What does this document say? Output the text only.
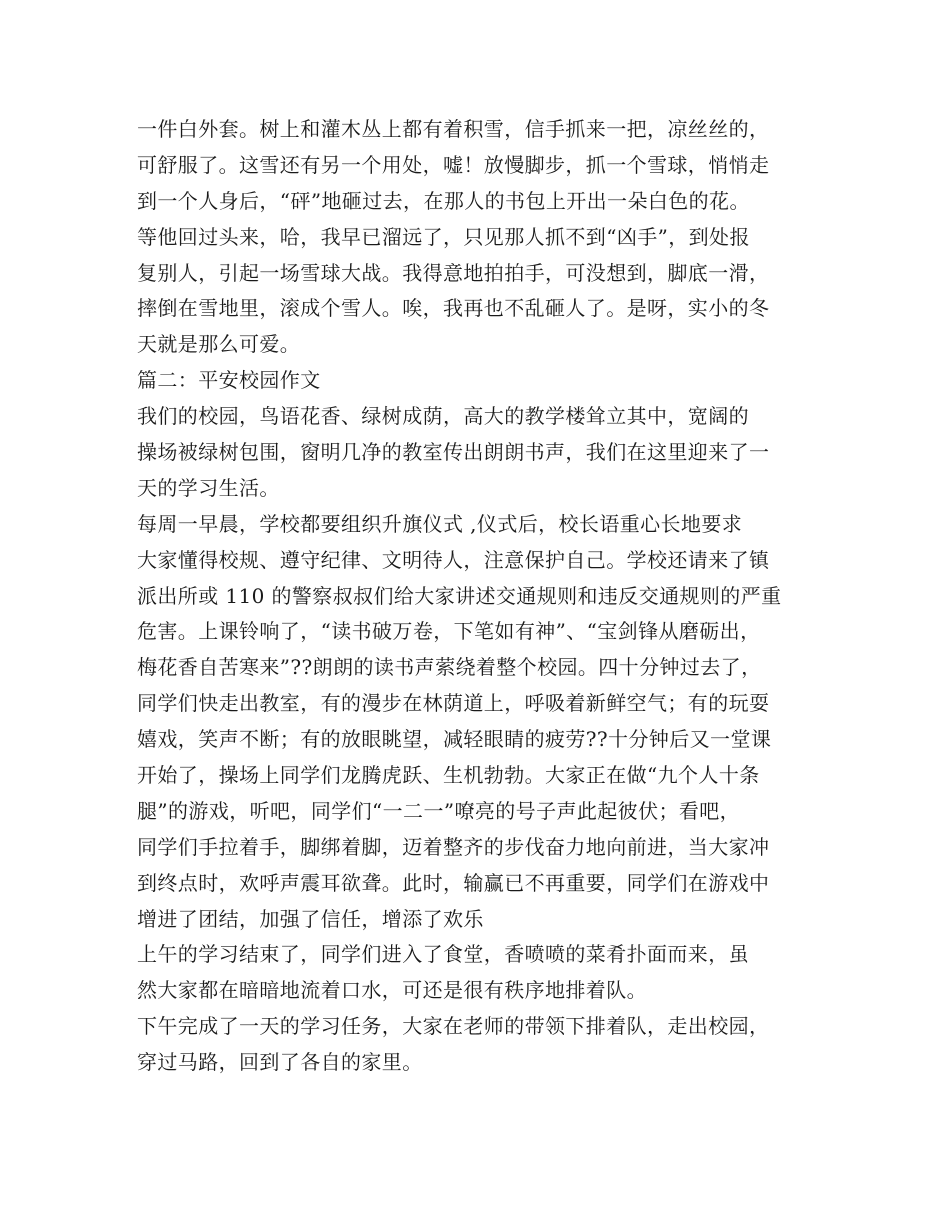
一件白外套。树上和灌木丛上都有着积雪，信手抓来一把，凉丝丝的，
可舒服了。这雪还有另一个用处，嘘！放慢脚步，抓一个雪球，悄悄走
到一个人身后，“砰”地砸过去，在那人的书包上开出一朵白色的花。
等他回过头来，哈，我早已溜远了，只见那人抓不到“凶手”，到处报
复别人，引起一场雪球大战。我得意地拍拍手，可没想到，脚底一滑，
摔倒在雪地里，滚成个雪人。唉，我再也不乱砸人了。是呀，实小的冬
天就是那么可爱。
篇二：平安校园作文
我们的校园，鸟语花香、绿树成荫，高大的教学楼耸立其中，宽阔的
操场被绿树包围，窗明几净的教室传出朗朗书声，我们在这里迎来了一
天的学习生活。
每周一早晨，学校都要组织升旗仪式 ,仪式后，校长语重心长地要求
大家懂得校规、遵守纪律、文明待人，注意保护自己。学校还请来了镇
派出所或 110 的警察叔叔们给大家讲述交通规则和违反交通规则的严重
危害。上课铃响了，“读书破万卷，下笔如有神”、“宝剑锋从磨砺出，
梅花香自苦寒来”??朗朗的读书声萦绕着整个校园。四十分钟过去了，
同学们快走出教室，有的漫步在林荫道上，呼吸着新鲜空气；有的玩耍
嬉戏，笑声不断；有的放眼眺望，减轻眼睛的疲劳??十分钟后又一堂课
开始了，操场上同学们龙腾虎跃、生机勃勃。大家正在做“九个人十条
腿”的游戏，听吧，同学们“一二一”嘹亮的号子声此起彼伏；看吧，
同学们手拉着手，脚绑着脚，迈着整齐的步伐奋力地向前进，当大家冲
到终点时，欢呼声震耳欲聋。此时，输赢已不再重要，同学们在游戏中
增进了团结，加强了信任，增添了欢乐
上午的学习结束了，同学们进入了食堂，香喷喷的菜肴扑面而来，虽
然大家都在暗暗地流着口水，可还是很有秩序地排着队。
下午完成了一天的学习任务，大家在老师的带领下排着队，走出校园，
穿过马路，回到了各自的家里。
